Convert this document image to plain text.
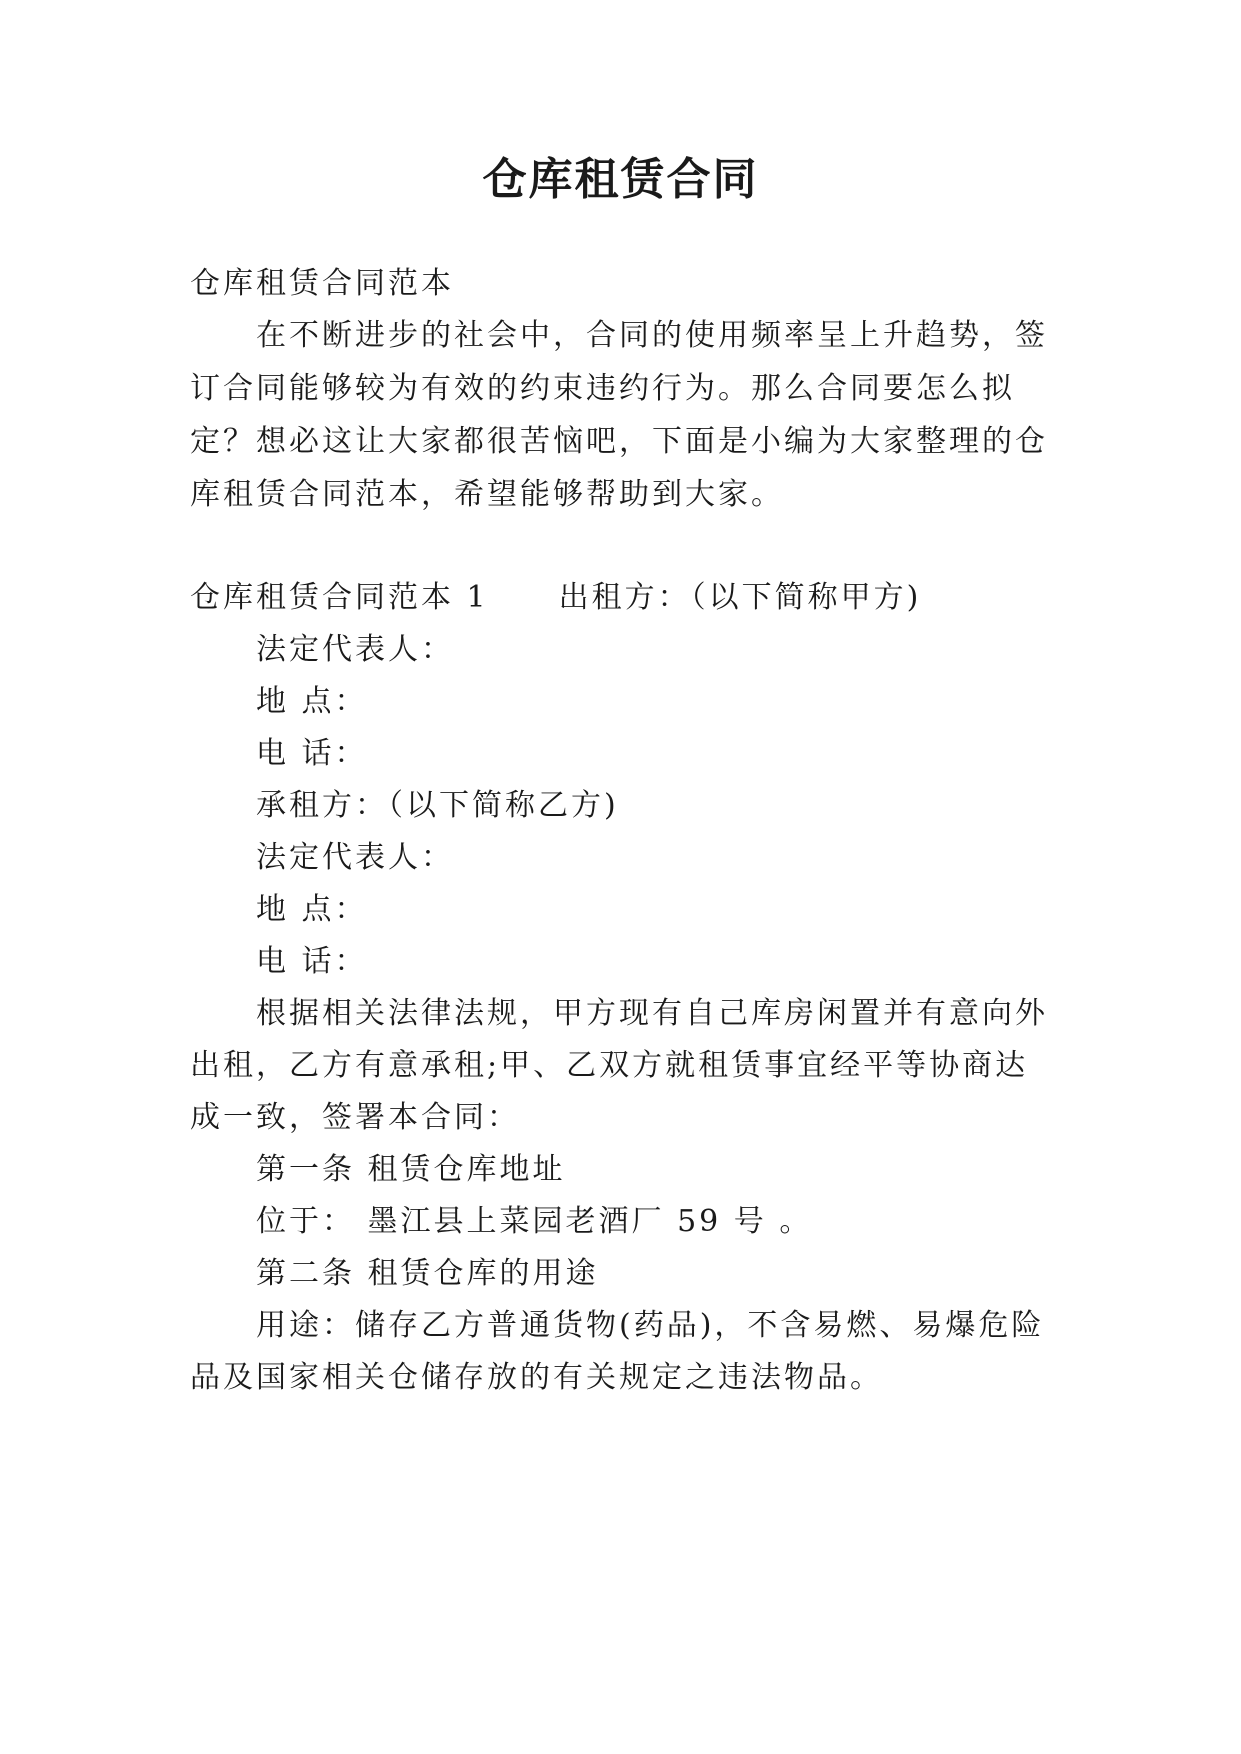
仓库租赁合同
仓库租赁合同范本
在不断进步的社会中，合同的使用频率呈上升趋势，签
订合同能够较为有效的约束违约行为。那么合同要怎么拟
定？想必这让大家都很苦恼吧，下面是小编为大家整理的仓
库租赁合同范本，希望能够帮助到大家。
仓库租赁合同范本 1 出租方：（以下简称甲方)
法定代表人：
地 点：
电 话：
承租方：（以下简称乙方)
法定代表人：
地 点：
电 话：
根据相关法律法规，甲方现有自己库房闲置并有意向外
出租，乙方有意承租;甲、乙双方就租赁事宜经平等协商达
成一致，签署本合同：
第一条 租赁仓库地址
位于： 墨江县上菜园老酒厂 59 号 。
第二条 租赁仓库的用途
用途：储存乙方普通货物(药品)，不含易燃、易爆危险
品及国家相关仓储存放的有关规定之违法物品。
